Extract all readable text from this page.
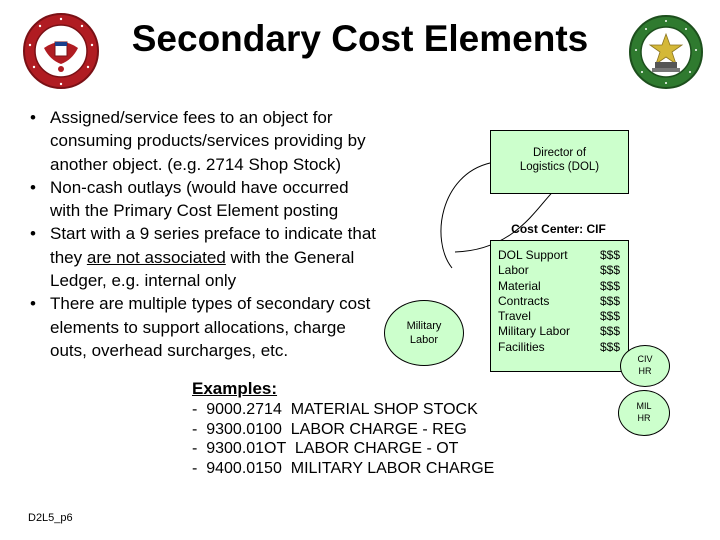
Secondary Cost Elements
• Assigned/service fees to an object for
consuming products/services providing by
another object. (e.g. 2714 Shop Stock)
• Non-cash outlays (would have occurred
with the Primary Cost Element posting
• Start with a 9 series preface to indicate that
they are not associated with the General
Ledger, e.g. internal only
• There are multiple types of secondary cost
elements to support allocations, charge
outs, overhead surcharges, etc.
Director of
Logistics (DOL)
Cost Center: CIF
DOL Support
Labor
Material
Contracts
Travel
Military Labor
Facilities
$$$
$$$
$$$
$$$
$$$
$$$
$$$
Military
Labor
CIV
HR
MIL
HR
Examples:
-  9000.2714  MATERIAL SHOP STOCK
-  9300.0100  LABOR CHARGE - REG
-  9300.01OT  LABOR CHARGE - OT
-  9400.0150  MILITARY LABOR CHARGE
D2L5_p6
